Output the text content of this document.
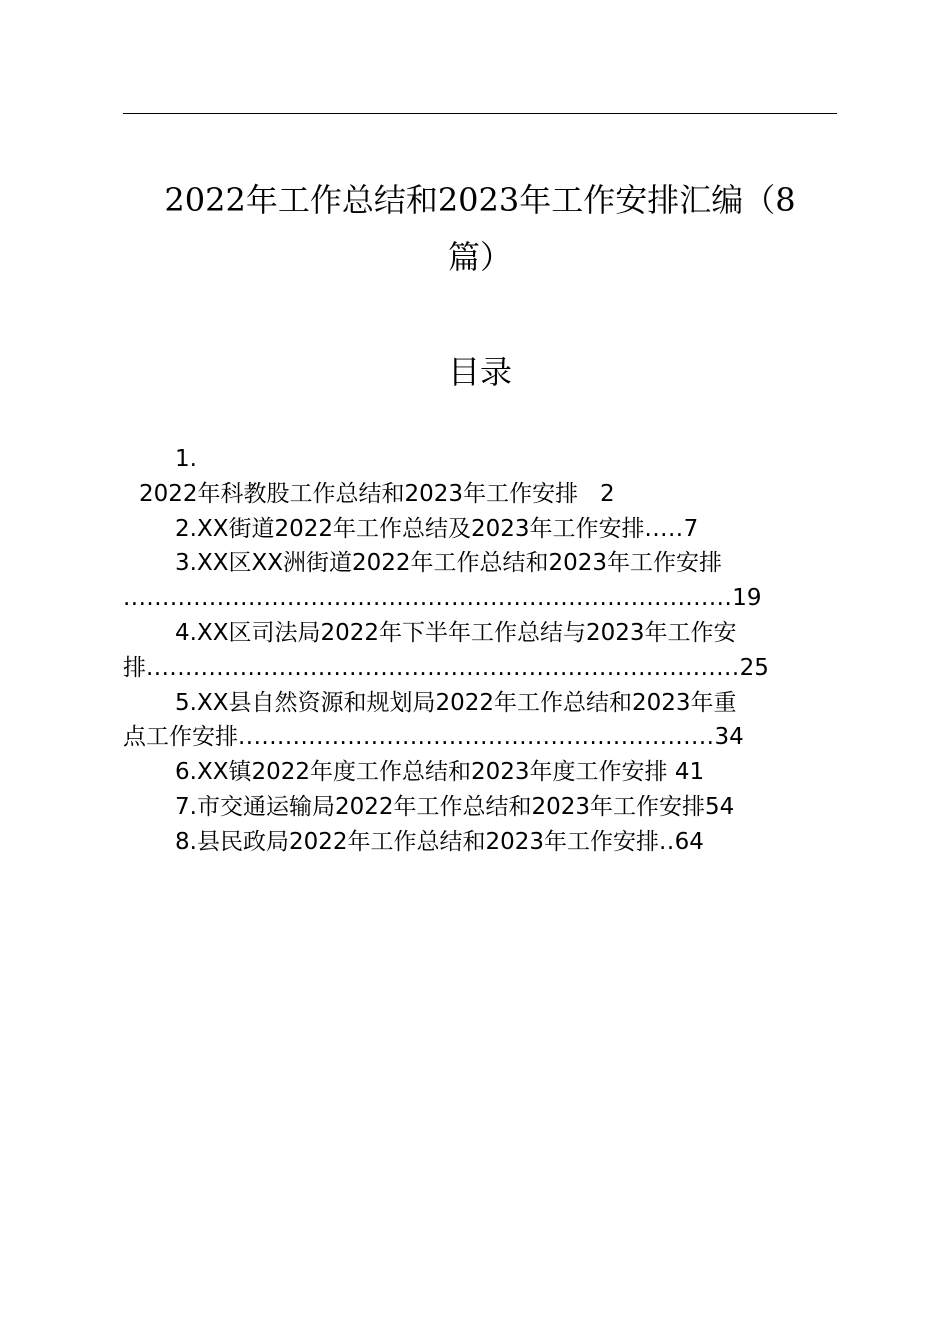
2022年工作总结和2023年工作安排汇编（8
篇）
目录
1.
2022年科教股工作总结和2023年工作安排 2
2.XX街道2022年工作总结及2023年工作安排.....7
3.XX区XX洲街道2022年工作总结和2023年工作安排
..............................................................................19
4.XX区司法局2022年下半年工作总结与2023年工作安
排............................................................................25
5.XX县自然资源和规划局2022年工作总结和2023年重
点工作安排.............................................................34
6.XX镇2022年度工作总结和2023年度工作安排 41
7.市交通运输局2022年工作总结和2023年工作安排54
8.县民政局2022年工作总结和2023年工作安排..64
